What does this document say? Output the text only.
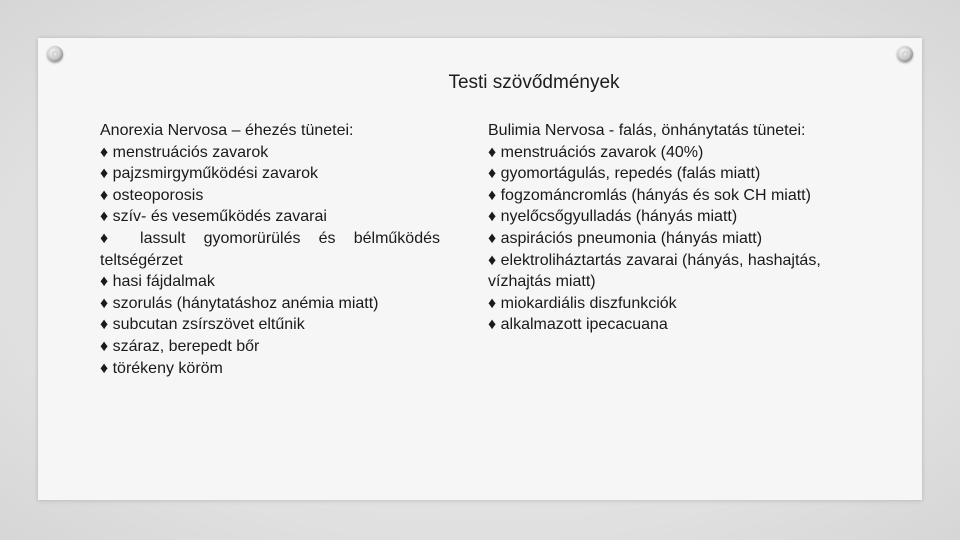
Testi szövődmények
Anorexia Nervosa – éhezés tünetei:
♦ menstruációs zavarok
♦ pajzsmirgyműködési zavarok
♦ osteoporosis
♦ szív- és veseműködés zavarai
♦ lassult gyomorürülés és bélműködés
teltségérzet
♦ hasi fájdalmak
♦ szorulás (hánytatáshoz anémia miatt)
♦ subcutan zsírszövet eltűnik
♦ száraz, berepedt bőr
♦ törékeny köröm
Bulimia Nervosa - falás, önhánytatás tünetei:
♦ menstruációs zavarok (40%)
♦ gyomortágulás, repedés (falás miatt)
♦ fogzománcromlás (hányás és sok CH miatt)
♦ nyelőcsőgyulladás (hányás miatt)
♦ aspirációs pneumonia (hányás miatt)
♦ elektroliháztartás zavarai (hányás, hashajtás,
vízhajtás miatt)
♦ miokardiális diszfunkciók
♦ alkalmazott ipecacuana
